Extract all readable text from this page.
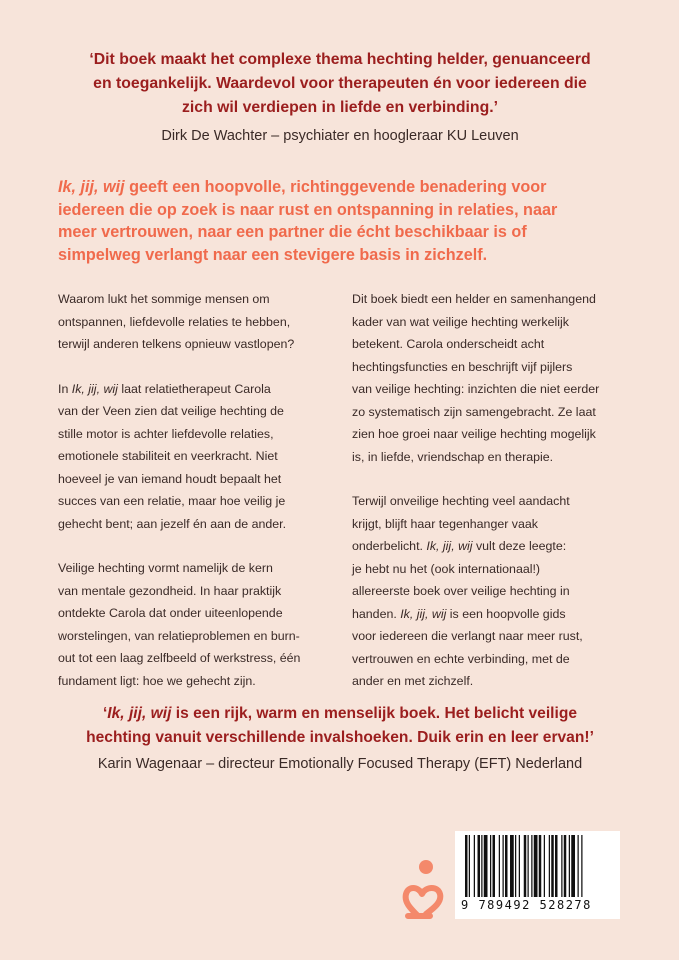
‘Dit boek maakt het complexe thema hechting helder, genuanceerd
en toegankelijk. Waardevol voor therapeuten én voor iedereen die
zich wil verdiepen in liefde en verbinding.’
Dirk De Wachter – psychiater en hoogleraar KU Leuven
Ik, jij, wij geeft een hoopvolle, richtinggevende benadering voor
iedereen die op zoek is naar rust en ontspanning in relaties, naar
meer vertrouwen, naar een partner die écht beschikbaar is of
simpelweg verlangt naar een stevigere basis in zichzelf.

Waarom lukt het sommige mensen om
ontspannen, liefdevolle relaties te hebben,
terwijl anderen telkens opnieuw vastlopen?

In Ik, jij, wij laat relatietherapeut Carola
van der Veen zien dat veilige hechting de
stille motor is achter liefdevolle relaties,
emotionele stabiliteit en veerkracht. Niet
hoeveel je van iemand houdt bepaalt het
succes van een relatie, maar hoe veilig je
gehecht bent; aan jezelf én aan de ander.

Veilige hechting vormt namelijk de kern
van mentale gezondheid. In haar praktijk
ontdekte Carola dat onder uiteenlopende
worstelingen, van relatieproblemen en burn-
out tot een laag zelfbeeld of werkstress, één
fundament ligt: hoe we gehecht zijn.

Dit boek biedt een helder en samenhangend
kader van wat veilige hechting werkelijk
betekent. Carola onderscheidt acht
hechtingsfuncties en beschrijft vijf pijlers
van veilige hechting: inzichten die niet eerder
zo systematisch zijn samengebracht. Ze laat
zien hoe groei naar veilige hechting mogelijk
is, in liefde, vriendschap en therapie.

Terwijl onveilige hechting veel aandacht
krijgt, blijft haar tegenhanger vaak
onderbelicht. Ik, jij, wij vult deze leegte:
je hebt nu het (ook internationaal!)
allereerste boek over veilige hechting in
handen. Ik, jij, wij is een hoopvolle gids
voor iedereen die verlangt naar meer rust,
vertrouwen en echte verbinding, met de
ander en met zichzelf.

‘Ik, jij, wij is een rijk, warm en menselijk boek. Het belicht veilige
hechting vanuit verschillende invalshoeken. Duik erin en leer ervan!’
Karin Wagenaar – directeur Emotionally Focused Therapy (EFT) Nederland
9 789492 528278
